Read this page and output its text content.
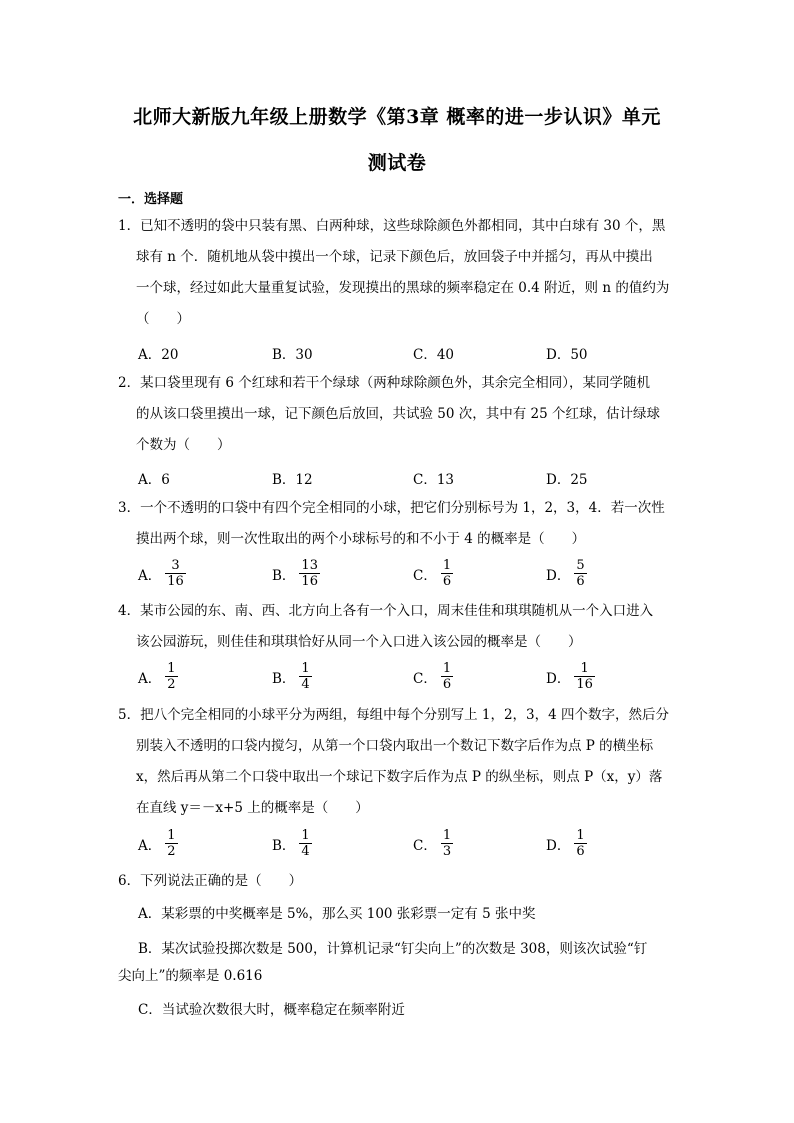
北师大新版九年级上册数学《第3章 概率的进一步认识》单元
测试卷
一．选择题
1．已知不透明的袋中只装有黑、白两种球，这些球除颜色外都相同，其中白球有 30 个，黑
球有 n 个．随机地从袋中摸出一个球，记录下颜色后，放回袋子中并摇匀，再从中摸出
一个球，经过如此大量重复试验，发现摸出的黑球的频率稳定在 0.4 附近，则 n 的值约为
（　　）
A．20	B．30	C．40	D．50
2．某口袋里现有 6 个红球和若干个绿球（两种球除颜色外，其余完全相同），某同学随机
的从该口袋里摸出一球，记下颜色后放回，共试验 50 次，其中有 25 个红球，估计绿球
个数为（　　）
A．6	B．12	C．13	D．25
3．一个不透明的口袋中有四个完全相同的小球，把它们分别标号为 1，2，3，4．若一次性
摸出两个球，则一次性取出的两个小球标号的和不小于 4 的概率是（　　）
A． $\frac{3}{16}$	B． $\frac{13}{16}$	C． $\frac{1}{6}$	D． $\frac{5}{6}$
4．某市公园的东、南、西、北方向上各有一个入口，周末佳佳和琪琪随机从一个入口进入
该公园游玩，则佳佳和琪琪恰好从同一个入口进入该公园的概率是（　　）
A． $\frac{1}{2}$	B． $\frac{1}{4}$	C． $\frac{1}{6}$	D． $\frac{1}{16}$
5．把八个完全相同的小球平分为两组，每组中每个分别写上 1，2，3，4 四个数字，然后分
别装入不透明的口袋内搅匀，从第一个口袋内取出一个数记下数字后作为点 P 的横坐标
x，然后再从第二个口袋中取出一个球记下数字后作为点 P 的纵坐标，则点 P（x，y）落
在直线 y＝－x+5 上的概率是（　　）
A． $\frac{1}{2}$	B． $\frac{1}{4}$	C． $\frac{1}{3}$	D． $\frac{1}{6}$
6．下列说法正确的是（　　）
A．某彩票的中奖概率是 5%，那么买 100 张彩票一定有 5 张中奖
B．某次试验投掷次数是 500，计算机记录“钉尖向上”的次数是 308，则该次试验“钉
尖向上”的频率是 0.616
C．当试验次数很大时，概率稳定在频率附近
